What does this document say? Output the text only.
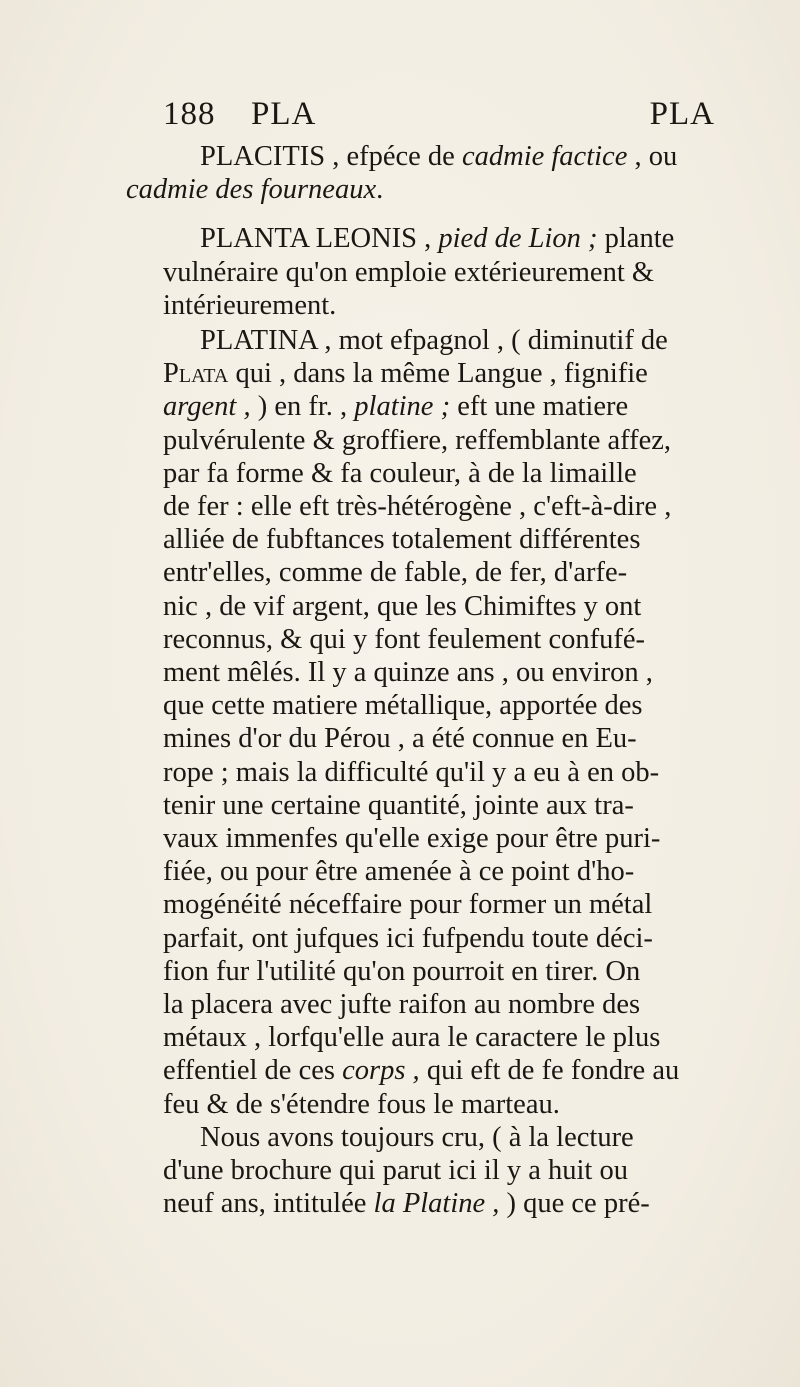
188 PLA	PLA
PLACITIS , efpéce de cadmie factice , ou
cadmie des fourneaux.
PLANTA LEONIS , pied de Lion ; plante
vulnéraire qu'on emploie extérieurement &
intérieurement.
PLATINA , mot efpagnol , ( diminutif de
Plata qui , dans la même Langue , fignifie
argent , ) en fr. , platine ; eft une matiere
pulvérulente & groffiere, reffemblante affez,
par fa forme & fa couleur, à de la limaille
de fer : elle eft très-hétérogène , c'eft-à-dire ,
alliée de fubftances totalement différentes
entr'elles, comme de fable, de fer, d'arfe-
nic , de vif argent, que les Chimiftes y ont
reconnus, & qui y font feulement confufé-
ment mêlés. Il y a quinze ans , ou environ ,
que cette matiere métallique, apportée des
mines d'or du Pérou , a été connue en Eu-
rope ; mais la difficulté qu'il y a eu à en ob-
tenir une certaine quantité, jointe aux tra-
vaux immenfes qu'elle exige pour être puri-
fiée, ou pour être amenée à ce point d'ho-
mogénéité néceffaire pour former un métal
parfait, ont jufques ici fufpendu toute déci-
fion fur l'utilité qu'on pourroit en tirer. On
la placera avec jufte raifon au nombre des
métaux , lorfqu'elle aura le caractere le plus
effentiel de ces corps , qui eft de fe fondre au
feu & de s'étendre fous le marteau.
Nous avons toujours cru, ( à la lecture
d'une brochure qui parut ici il y a huit ou
neuf ans, intitulée la Platine , ) que ce pré-
